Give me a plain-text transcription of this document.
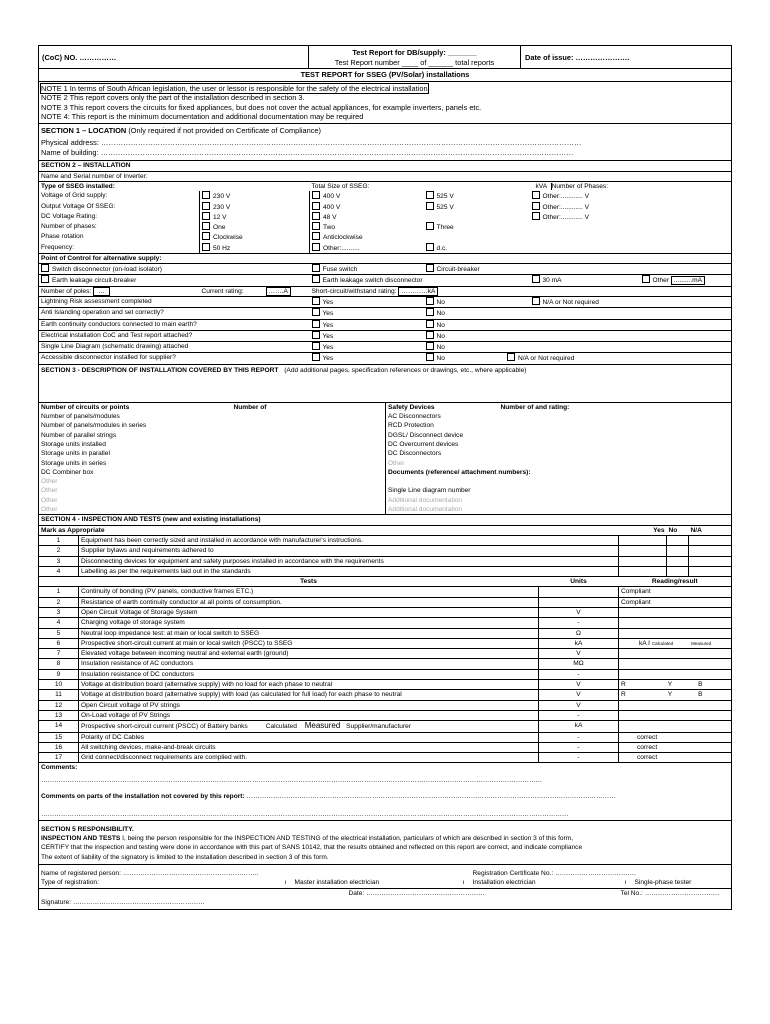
(CoC) NO. ……………	Test Report for DB/supply: _______
Test Report number ____ of ______ total reports
	Date of issue: ………………….
TEST REPORT for SSEG (PV/Solar) installations
NOTE 1 In terms of South African legislation, the user or lessor is responsible for the safety of the electrical installation
NOTE 2 This report covers only the part of the installation described in section 3.
NOTE 3 This report covers the circuits for fixed appliances, but does not cover the actual appliances, for example inverters, panels etc.
NOTE 4: This report is the minimum documentation and additional documentation may be required
SECTION 1 – LOCATION (Only required if not provided on Certificate of Compliance)
Physical address: ……………………………………………………………………………………………………………………………………………………………………………
Name of building: …………………………………………………………………………………………………………………………………………………………………………
SECTION 2 – INSTALLATION					
Name and Serial number of Inverter:					
Type of SSEG installed:		Total Size of SSEG:		kVA Number of Phases:	
Voltage of Grid supply:	230 V	400 V	525 V	Other:............ V	
Output Voltage Of SSEG:	230 V	400 V	525 V	Other:............ V	
DC Voltage Rating:	12 V	48 V		Other:............ V	
Number of phases:	One	Two	Three		
Phase rotation	Clockwise	Anticlockwise			
Frequency:	50 Hz	Other:..........	d.c.		
Point of Control for alternative supply:					
Switch disconnector (on-load isolator)		Fuse switch	Circuit-breaker		
Earth leakage circuit-breaker		Earth leakage switch disconnector		30 mA	Other ..........mA
Number of poles: …	Current rating: …….A	Short-circuit/withstand rating: …………kA			
Lightning Risk assessment completed		Yes	No	N/A or Not required	
Anti Islanding operation and set correctly?		Yes	No		
Earth continuity conductors connected to main earth?		Yes	No		
Electrical installation CoC and Test report attached?		Yes	No		
Single Line Diagram (schematic drawing) attached		Yes	No		
Accessible disconnector installed for supplier?		Yes	No N/A or Not required		
SECTION 3 - DESCRIPTION OF INSTALLATION COVERED BY THIS REPORT (Add additional pages, specification references or drawings, etc., where applicable)
Number of circuits or points	Number of	Safety Devices	Number of and rating:
Number of panels/modules		AC Disconnectors	
Number of panels/modules in series		RCD Protection	
Number of parallel strings		DGSL/ Disconnect device	
Storage units installed		DC Overcurrent devices	
Storage units in parallel		DC Disconnectors	
Storage units in series		Other	
DC Combiner box		Documents (reference/ attachment numbers):	
Other			
Other		Single Line diagram number	
Other		Additional documentation	
Other		Additional documentation	
SECTION 4 - INSPECTION AND TESTS (new and existing installations)					
Mark as Appropriate			Yes	No	N/A
1	Equipment has been correctly sized and installed in accordance with manufacturer's instructions.				
2	Supplier bylaws and requirements adhered to				
3	Disconnecting devices for equipment and safety purposes installed in accordance with the requirements				
4	Labelling as per the requirements laid out in the standards				
	Tests	Units	Reading/result		
1	Continuity of bonding (PV panels, conductive frames ETC.)		Compliant		
2	Resistance of earth continuity conductor at all points of consumption.		Compliant		
3	Open Circuit Voltage of Storage System	V			
4	Charging voltage of storage system	-			
5	Neutral loop impedance test: at main or local switch to SSEG	Ω			
6	Prospective short-circuit current at main or local switch (PSCC) to SSEG	kA	kA I Calculated Measured		
7	Elevated voltage between incoming neutral and external earth (ground)	V			
8	Insulation resistance of AC conductors	MΩ			
9	Insulation resistance of DC conductors	-			
10	Voltage at distribution board (alternative supply) with no load for each phase to neutral	V	R Y B		
11	Voltage at distribution board (alternative supply) with load (as calculated for full load) for each phase to neutral	V	R Y B		
12	Open Circuit voltage of PV strings	V			
13	On-Load voltage of PV Strings	-			
14	Prospective short-circuit current (PSCC) of Battery banks Calculated Measured Supplier/manufacturer	kA			
15	Polarity of DC Cables	-	correct		
16	All switching devices, make-and-break circuits	-	correct		
17	Grid connect/disconnect requirements are complied with.	-	correct		
Comments:					
…………………………………………………………………………………………………………………………………………………………………………………………………………					
Comments on parts of the installation not covered by this report: ……………………………………………………………………………………………………………………………………………………					
……………………………………………………………………………………………………………………………………………………………………………………………………………………					
SECTION 5 RESPONSIBILITY.
INSPECTION AND TESTS I, being the person responsible for the INSPECTION AND TESTING of the electrical installation, particulars of which are described in section 3 of this form,
CERTIFY that the inspection and testing were done in accordance with this part of SANS 10142, that the results obtained and reflected on this report are correct, and indicate compliance
The extent of liability of the signatory is limited to the installation described in section 3 of this form.
Name of registered person: ……………………………………………………..				Registration Certificate No.: ……………………………….		
Type of registration:	ı	Master installation electrician	ı	Installation electrician	ı	Single-phase tester
		Date: ………………………………………………			Tel No.: …………………………….	
Signature: ……………………………………………………						
